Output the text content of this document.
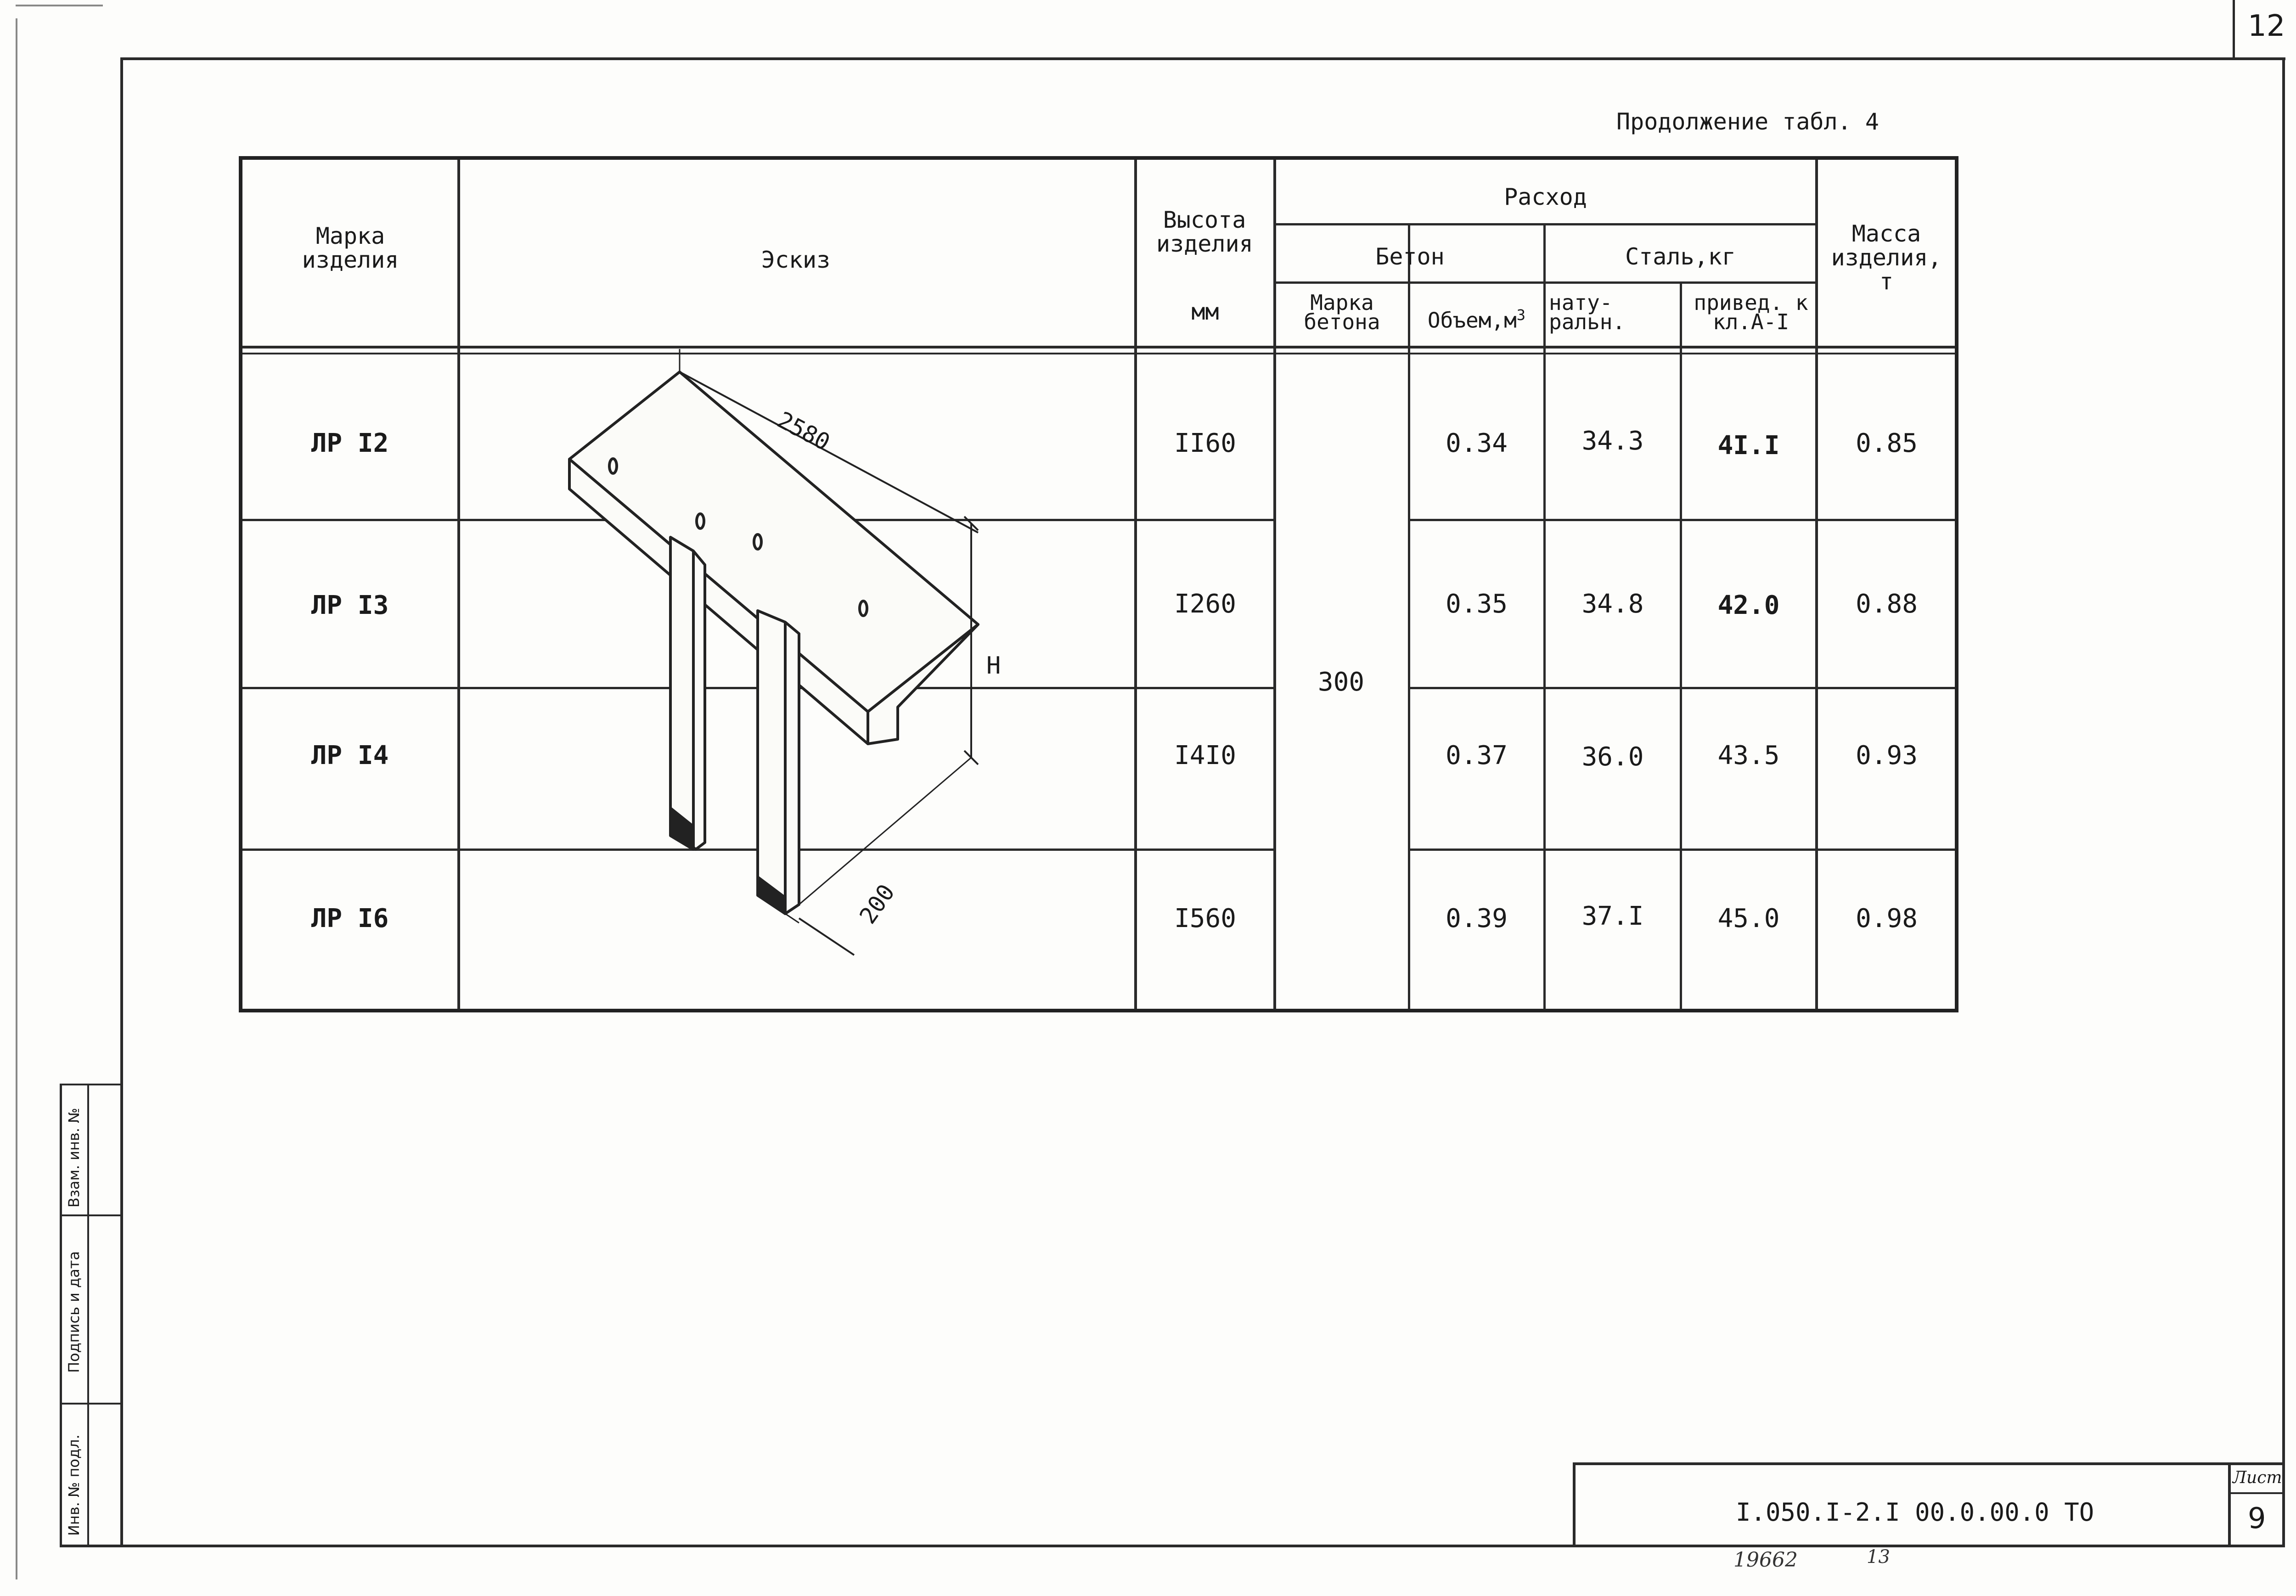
12
Продолжение табл. 4
Марка изделия	Эскиз
Высота изделия
мм
Расход
Бетон	Сталь,кг
Марка бетона	$Объем,м^3$	нату- ральн.
привед. к кл.А-I
Масса изделия, т
300
ЛР I2	II60	0.34	34.3	4I.I	0.85
ЛР I3	I260	0.35	34.8	42.0	0.88
ЛР I4	I4I0	0.37	36.0	43.5	0.93
ЛР I6	I560	0.39	37.I	45.0	0.98
2580
H
200
Взам. инв. №
Подпись и дата
Инв. № подл.	I.050.I-2.I 00.0.00.0 ТО
Лист
9
19662	13
